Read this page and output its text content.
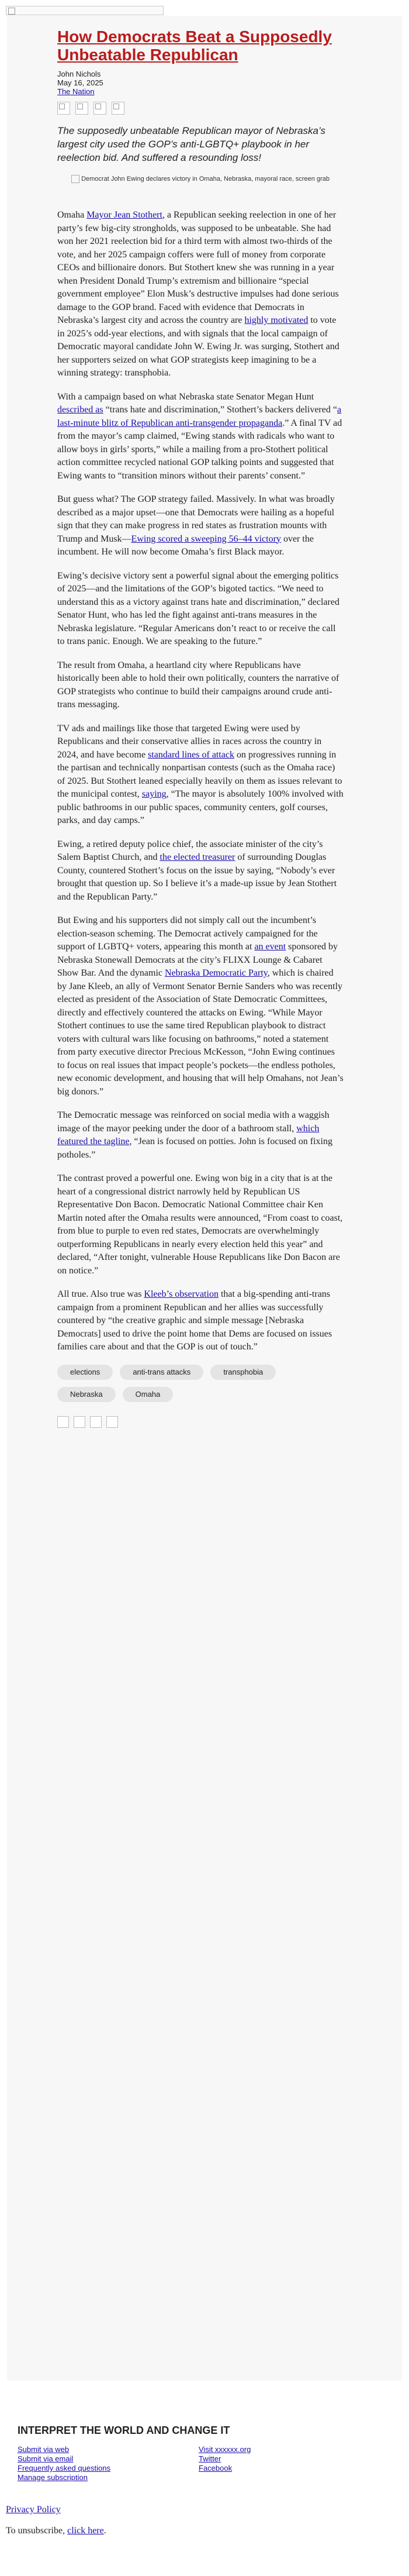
How Democrats Beat a Supposedly Unbeatable Republican
John Nichols
May 16, 2025
The Nation
The supposedly unbeatable Republican mayor of Nebraska’s largest city used the GOP’s anti-LGBTQ+ playbook in her reelection bid. And suffered a resounding loss!
Democrat John Ewing declares victory in Omaha, Nebraska, mayoral race, screen grab

Omaha Mayor Jean Stothert, a Republican seeking reelection in one of her party’s few big-city strongholds, was supposed to be unbeatable. She had won her 2021 reelection bid for a third term with almost two-thirds of the vote, and her 2025 campaign coffers were full of money from corporate CEOs and billionaire donors. But Stothert knew she was running in a year when President Donald Trump’s extremism and billionaire “special government employee” Elon Musk’s destructive impulses had done serious damage to the GOP brand. Faced with evidence that Democrats in Nebraska’s largest city and across the country are highly motivated to vote in 2025’s odd-year elections, and with signals that the local campaign of Democratic mayoral candidate John W. Ewing Jr. was surging, Stothert and her supporters seized on what GOP strategists keep imagining to be a winning strategy: transphobia.

With a campaign based on what Nebraska state Senator Megan Hunt described as “trans hate and discrimination,” Stothert’s backers delivered “a last-minute blitz of Republican anti-transgender propaganda.” A final TV ad from the mayor’s camp claimed, “Ewing stands with radicals who want to allow boys in girls’ sports,” while a mailing from a pro-Stothert political action committee recycled national GOP talking points and suggested that Ewing wants to “transition minors without their parents’ consent.”

But guess what? The GOP strategy failed. Massively. In what was broadly described as a major upset—one that Democrats were hailing as a hopeful sign that they can make progress in red states as frustration mounts with Trump and Musk—Ewing scored a sweeping 56–44 victory over the incumbent. He will now become Omaha’s first Black mayor.

Ewing’s decisive victory sent a powerful signal about the emerging politics of 2025—and the limitations of the GOP’s bigoted tactics. “We need to understand this as a victory against trans hate and discrimination,” declared Senator Hunt, who has led the fight against anti-trans measures in the Nebraska legislature. “Regular Americans don’t react to or receive the call to trans panic. Enough. We are speaking to the future.”

The result from Omaha, a heartland city where Republicans have historically been able to hold their own politically, counters the narrative of GOP strategists who continue to build their campaigns around crude anti-trans messaging.

TV ads and mailings like those that targeted Ewing were used by Republicans and their conservative allies in races across the country in 2024, and have become standard lines of attack on progressives running in the partisan and technically nonpartisan contests (such as the Omaha race) of 2025. But Stothert leaned especially heavily on them as issues relevant to the municipal contest, saying, “The mayor is absolutely 100% involved with public bathrooms in our public spaces, community centers, golf courses, parks, and day camps.”

Ewing, a retired deputy police chief, the associate minister of the city’s Salem Baptist Church, and the elected treasurer of surrounding Douglas County, countered Stothert’s focus on the issue by saying, “Nobody’s ever brought that question up. So I believe it’s a made-up issue by Jean Stothert and the Republican Party.”

But Ewing and his supporters did not simply call out the incumbent’s election-season scheming. The Democrat actively campaigned for the support of LGBTQ+ voters, appearing this month at an event sponsored by Nebraska Stonewall Democrats at the city’s FLIXX Lounge & Cabaret Show Bar. And the dynamic Nebraska Democratic Party, which is chaired by Jane Kleeb, an ally of Vermont Senator Bernie Sanders who was recently elected as president of the Association of State Democratic Committees, directly and effectively countered the attacks on Ewing. “While Mayor Stothert continues to use the same tired Republican playbook to distract voters with cultural wars like focusing on bathrooms,” noted a statement from party executive director Precious McKesson, “John Ewing continues to focus on real issues that impact people’s pockets—the endless potholes, new economic development, and housing that will help Omahans, not Jean’s big donors.”

The Democratic message was reinforced on social media with a waggish image of the mayor peeking under the door of a bathroom stall, which featured the tagline, “Jean is focused on potties. John is focused on fixing potholes.”

The contrast proved a powerful one. Ewing won big in a city that is at the heart of a congressional district narrowly held by Republican US Representative Don Bacon. Democratic National Committee chair Ken Martin noted after the Omaha results were announced, “From coast to coast, from blue to purple to even red states, Democrats are overwhelmingly outperforming Republicans in nearly every election held this year” and declared, “After tonight, vulnerable House Republicans like Don Bacon are on notice.”

All true. Also true was Kleeb’s observation that a big-spending anti-trans campaign from a prominent Republican and her allies was successfully countered by “the creative graphic and simple message [Nebraska Democrats] used to drive the point home that Dems are focused on issues families care about and that the GOP is out of touch.”

elections	anti-trans attacks	transphobia
Nebraska	Omaha
INTERPRET THE WORLD AND CHANGE IT
Submit via web
Submit via email
Frequently asked questions
Manage subscription
Visit xxxxxx.org
Twitter
Facebook
Privacy Policy
To unsubscribe, click here.
